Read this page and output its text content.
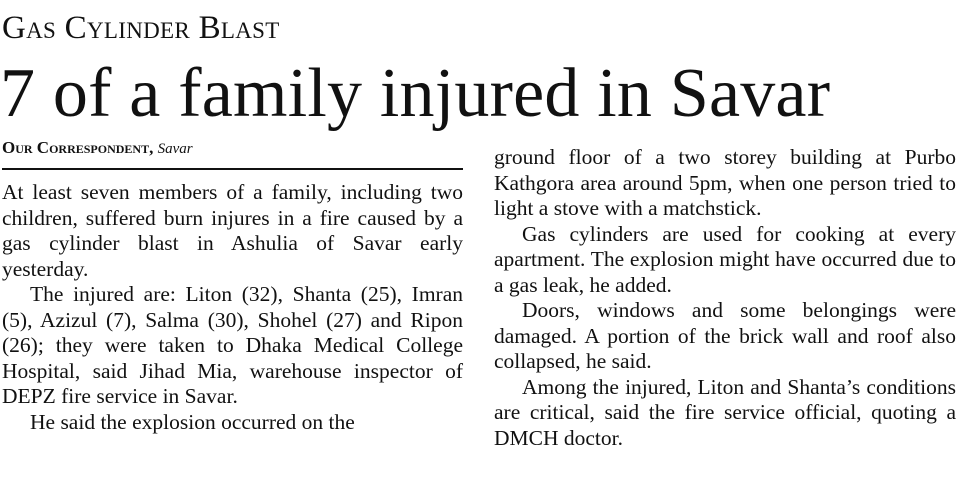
Gas Cylinder Blast
7 of a family injured in Savar
Our Correspondent, Savar

At least seven members of a family, including two children, suffered burn injures in a fire caused by a gas cylinder blast in Ashulia of Savar early yesterday.

The injured are: Liton (32), Shanta (25), Imran (5), Azizul (7), Salma (30), Shohel (27) and Ripon (26); they were taken to Dhaka Medical College Hospital, said Jihad Mia, warehouse inspector of DEPZ fire service in Savar.

He said the explosion occurred on the

ground floor of a two storey building at Purbo Kathgora area around 5pm, when one person tried to light a stove with a matchstick.

Gas cylinders are used for cooking at every apartment. The explosion might have occurred due to a gas leak, he added.

Doors, windows and some belongings were damaged. A portion of the brick wall and roof also collapsed, he said.

Among the injured, Liton and Shanta’s conditions are critical, said the fire service official, quoting a DMCH doctor.
